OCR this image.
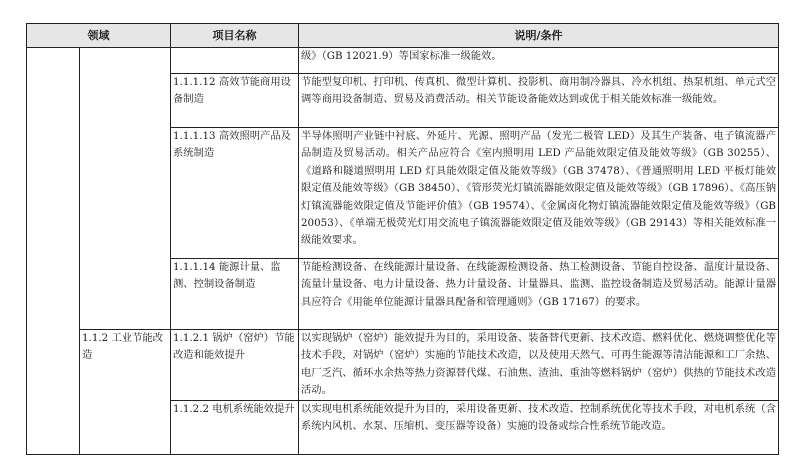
领域		项目名称	说明/条件
			级》（GB 12021.9）等国家标准一级能效。
		1.1.1.12 高效节能商用设备制造	节能型复印机、打印机、传真机、微型计算机、投影机、商用制冷器具、冷水机组、热泵机组、单元式空调等商用设备制造、贸易及消费活动。相关节能设备能效达到或优于相关能效标准一级能效。
		1.1.1.13 高效照明产品及系统制造	半导体照明产业链中衬底、外延片、光源、照明产品（发光二极管 LED）及其生产装备、电子镇流器产品制造及贸易活动。相关产品应符合《室内照明用 LED 产品能效限定值及能效等级》（GB 30255）、《道路和隧道照明用 LED 灯具能效限定值及能效等级》（GB 37478）、《普通照明用 LED 平板灯能效限定值及能效等级》（GB 38450）、《管形荧光灯镇流器能效限定值及能效等级》（GB 17896）、《高压钠灯镇流器能效限定值及节能评价值》（GB 19574）、《金属卤化物灯镇流器能效限定值及能效等级》（GB 20053）、《单端无极荧光灯用交流电子镇流器能效限定值及能效等级》（GB 29143）等相关能效标准一级能效要求。
		1.1.1.14 能源计量、监测、控制设备制造	节能检测设备、在线能源计量设备、在线能源检测设备、热工检测设备、节能自控设备、温度计量设备、流量计量设备、电力计量设备、热力计量设备、计量器具、监测、监控设备制造及贸易活动。能源计量器具应符合《用能单位能源计量器具配备和管理通则》（GB 17167）的要求。
	1.1.2 工业节能改造	1.1.2.1 锅炉（窑炉）节能改造和能效提升	以实现锅炉（窑炉）能效提升为目的，采用设备、装备替代更新、技术改造、燃料优化、燃烧调整优化等技术手段，对锅炉（窑炉）实施的节能技术改造，以及使用天然气、可再生能源等清洁能源和工厂余热、电厂乏汽、循环水余热等热力资源替代煤、石油焦、渣油、重油等燃料锅炉（窑炉）供热的节能技术改造活动。
		1.1.2.2 电机系统能效提升	以实现电机系统能效提升为目的，采用设备更新、技术改造、控制系统优化等技术手段，对电机系统（含系统内风机、水泵、压缩机、变压器等设备）实施的设备或综合性系统节能改造。
